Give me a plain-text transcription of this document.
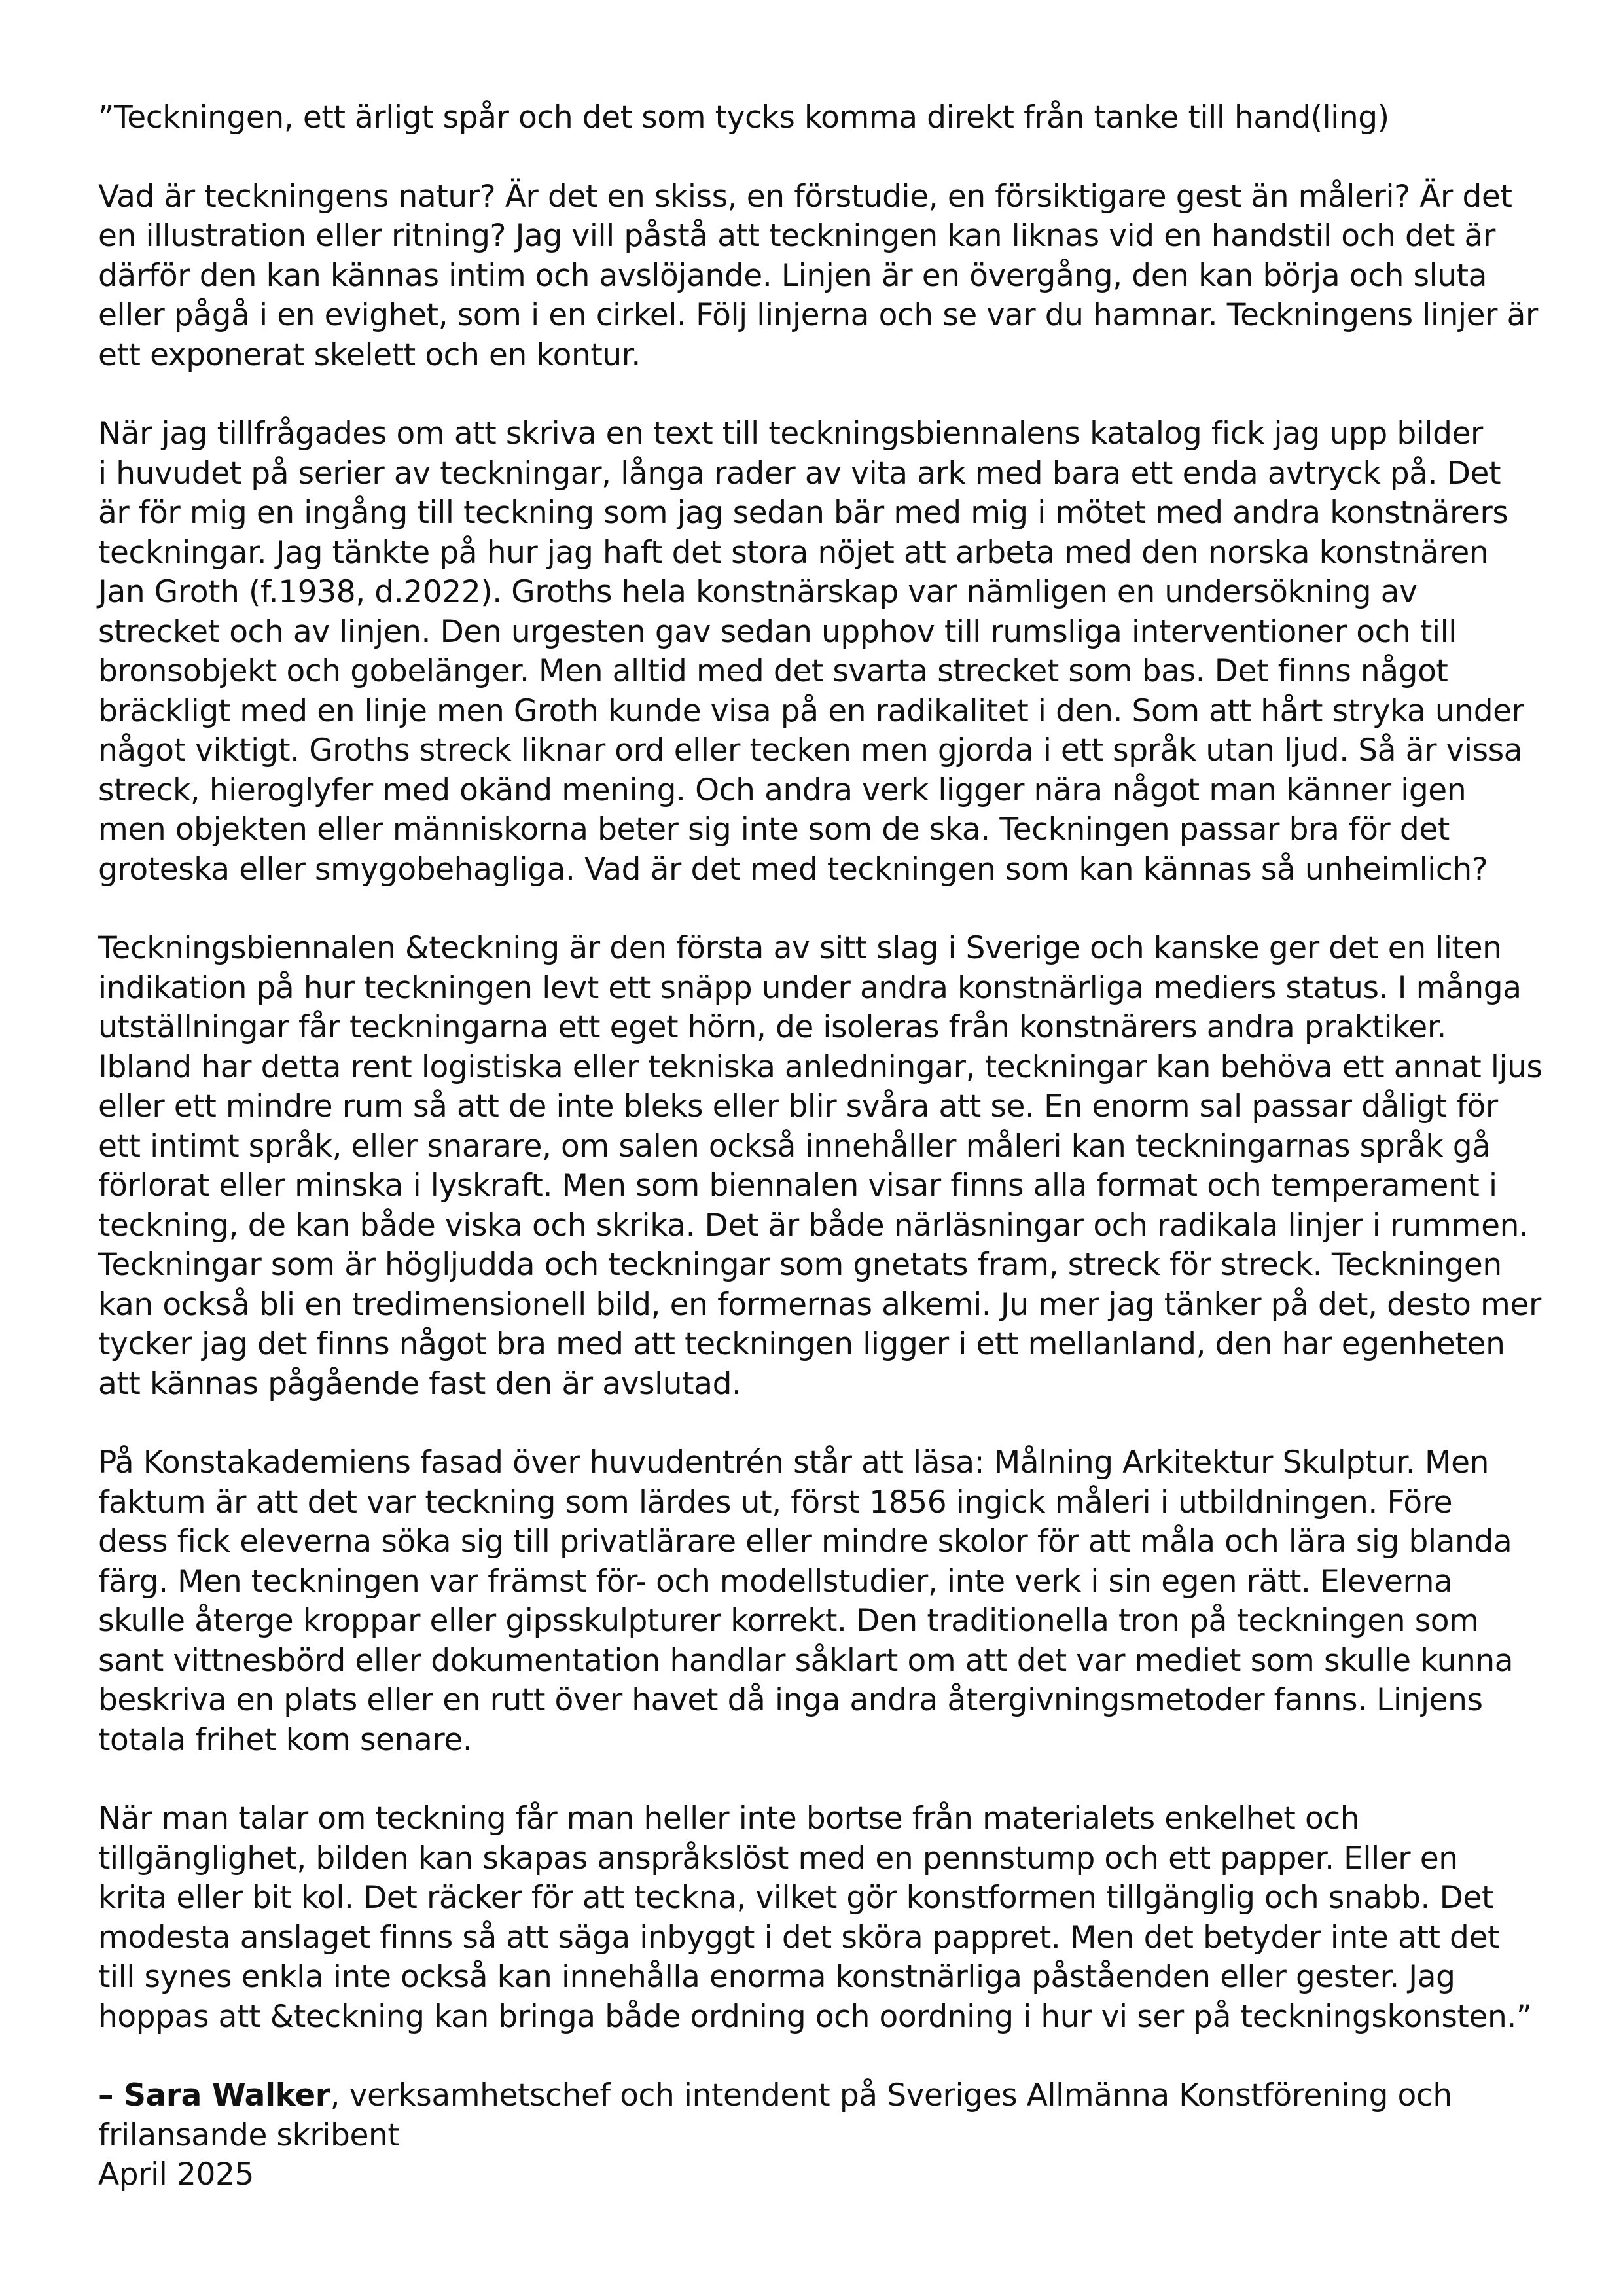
”Teckningen, ett ärligt spår och det som tycks komma direkt från tanke till hand(ling)
Vad är teckningens natur? Är det en skiss, en förstudie, en försiktigare gest än måleri? Är det
en illustration eller ritning? Jag vill påstå att teckningen kan liknas vid en handstil och det är
därför den kan kännas intim och avslöjande. Linjen är en övergång, den kan börja och sluta
eller pågå i en evighet, som i en cirkel. Följ linjerna och se var du hamnar. Teckningens linjer är
ett exponerat skelett och en kontur.
När jag tillfrågades om att skriva en text till teckningsbiennalens katalog fick jag upp bilder
i huvudet på serier av teckningar, långa rader av vita ark med bara ett enda avtryck på. Det
är för mig en ingång till teckning som jag sedan bär med mig i mötet med andra konstnärers
teckningar. Jag tänkte på hur jag haft det stora nöjet att arbeta med den norska konstnären
Jan Groth (f.1938, d.2022). Groths hela konstnärskap var nämligen en undersökning av
strecket och av linjen. Den urgesten gav sedan upphov till rumsliga interventioner och till
bronsobjekt och gobelänger. Men alltid med det svarta strecket som bas. Det finns något
bräckligt med en linje men Groth kunde visa på en radikalitet i den. Som att hårt stryka under
något viktigt. Groths streck liknar ord eller tecken men gjorda i ett språk utan ljud. Så är vissa
streck, hieroglyfer med okänd mening. Och andra verk ligger nära något man känner igen
men objekten eller människorna beter sig inte som de ska. Teckningen passar bra för det
groteska eller smygobehagliga. Vad är det med teckningen som kan kännas så unheimlich?
Teckningsbiennalen &teckning är den första av sitt slag i Sverige och kanske ger det en liten
indikation på hur teckningen levt ett snäpp under andra konstnärliga mediers status. I många
utställningar får teckningarna ett eget hörn, de isoleras från konstnärers andra praktiker.
Ibland har detta rent logistiska eller tekniska anledningar, teckningar kan behöva ett annat ljus
eller ett mindre rum så att de inte bleks eller blir svåra att se. En enorm sal passar dåligt för
ett intimt språk, eller snarare, om salen också innehåller måleri kan teckningarnas språk gå
förlorat eller minska i lyskraft. Men som biennalen visar finns alla format och temperament i
teckning, de kan både viska och skrika. Det är både närläsningar och radikala linjer i rummen.
Teckningar som är högljudda och teckningar som gnetats fram, streck för streck. Teckningen
kan också bli en tredimensionell bild, en formernas alkemi. Ju mer jag tänker på det, desto mer
tycker jag det finns något bra med att teckningen ligger i ett mellanland, den har egenheten
att kännas pågående fast den är avslutad.
På Konstakademiens fasad över huvudentrén står att läsa: Målning Arkitektur Skulptur. Men
faktum är att det var teckning som lärdes ut, först 1856 ingick måleri i utbildningen. Före
dess fick eleverna söka sig till privatlärare eller mindre skolor för att måla och lära sig blanda
färg. Men teckningen var främst för- och modellstudier, inte verk i sin egen rätt. Eleverna
skulle återge kroppar eller gipsskulpturer korrekt. Den traditionella tron på teckningen som
sant vittnesbörd eller dokumentation handlar såklart om att det var mediet som skulle kunna
beskriva en plats eller en rutt över havet då inga andra återgivningsmetoder fanns. Linjens
totala frihet kom senare.
När man talar om teckning får man heller inte bortse från materialets enkelhet och
tillgänglighet, bilden kan skapas anspråkslöst med en pennstump och ett papper. Eller en
krita eller bit kol. Det räcker för att teckna, vilket gör konstformen tillgänglig och snabb. Det
modesta anslaget finns så att säga inbyggt i det sköra pappret. Men det betyder inte att det
till synes enkla inte också kan innehålla enorma konstnärliga påståenden eller gester. Jag
hoppas att &teckning kan bringa både ordning och oordning i hur vi ser på teckningskonsten.”
– Sara Walker, verksamhetschef och intendent på Sveriges Allmänna Konstförening och
frilansande skribent
April 2025
